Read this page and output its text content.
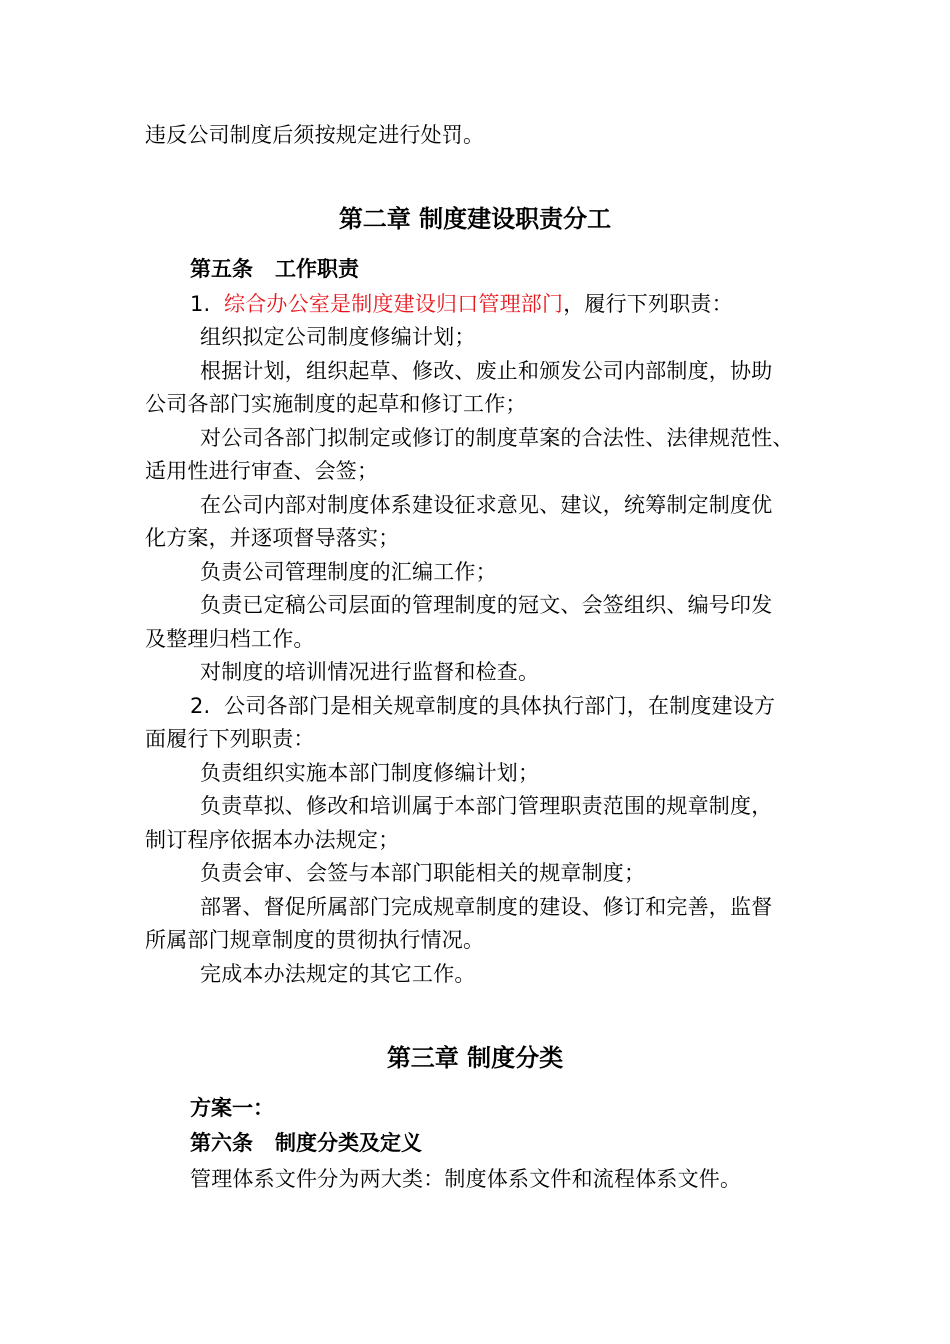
违反公司制度后须按规定进行处罚。
第二章 制度建设职责分工
第五条 工作职责
1. 综合办公室是制度建设归口管理部门，履行下列职责：
组织拟定公司制度修编计划；
根据计划，组织起草、修改、废止和颁发公司内部制度，协助
公司各部门实施制度的起草和修订工作；
对公司各部门拟制定或修订的制度草案的合法性、法律规范性、
适用性进行审查、会签；
在公司内部对制度体系建设征求意见、建议，统筹制定制度优
化方案，并逐项督导落实；
负责公司管理制度的汇编工作；
负责已定稿公司层面的管理制度的冠文、会签组织、编号印发
及整理归档工作。
对制度的培训情况进行监督和检查。
2. 公司各部门是相关规章制度的具体执行部门，在制度建设方
面履行下列职责：
负责组织实施本部门制度修编计划；
负责草拟、修改和培训属于本部门管理职责范围的规章制度，
制订程序依据本办法规定；
负责会审、会签与本部门职能相关的规章制度；
部署、督促所属部门完成规章制度的建设、修订和完善，监督
所属部门规章制度的贯彻执行情况。
完成本办法规定的其它工作。
第三章 制度分类
方案一：
第六条 制度分类及定义
管理体系文件分为两大类：制度体系文件和流程体系文件。
